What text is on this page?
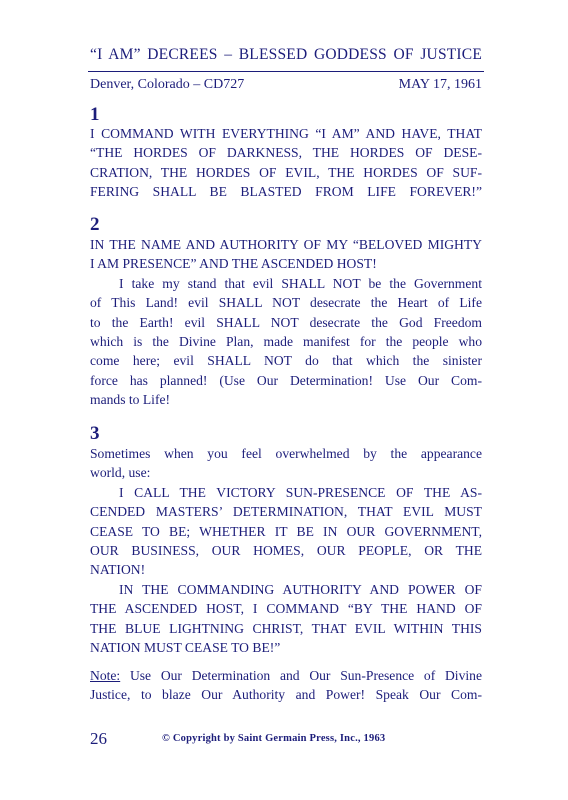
“I AM” DECREES – BLESSED GODDESS OF JUSTICE
Denver, Colorado – CD727	MAY 17, 1961
1
I COMMAND WITH EVERYTHING “I AM” AND HAVE, THAT
“THE HORDES OF DARKNESS, THE HORDES OF DESE-
CRATION, THE HORDES OF EVIL, THE HORDES OF SUF-
FERING SHALL BE BLASTED FROM LIFE FOREVER!”
2
IN THE NAME AND AUTHORITY OF MY “BELOVED MIGHTY
I AM PRESENCE” AND THE ASCENDED HOST!
I take my stand that evil SHALL NOT be the Government
of This Land! evil SHALL NOT desecrate the Heart of Life
to the Earth! evil SHALL NOT desecrate the God Freedom
which is the Divine Plan, made manifest for the people who
come here; evil SHALL NOT do that which the sinister
force has planned! (Use Our Determination! Use Our Com-
mands to Life!
3
Sometimes when you feel overwhelmed by the appearance
world, use:
I CALL THE VICTORY SUN-PRESENCE OF THE AS-
CENDED MASTERS’ DETERMINATION, THAT EVIL MUST
CEASE TO BE; WHETHER IT BE IN OUR GOVERNMENT,
OUR BUSINESS, OUR HOMES, OUR PEOPLE, OR THE
NATION!
IN THE COMMANDING AUTHORITY AND POWER OF
THE ASCENDED HOST, I COMMAND “BY THE HAND OF
THE BLUE LIGHTNING CHRIST, THAT EVIL WITHIN THIS
NATION MUST CEASE TO BE!”
Note: Use Our Determination and Our Sun-Presence of Divine
Justice, to blaze Our Authority and Power! Speak Our Com-
26	© Copyright by Saint Germain Press, Inc., 1963
